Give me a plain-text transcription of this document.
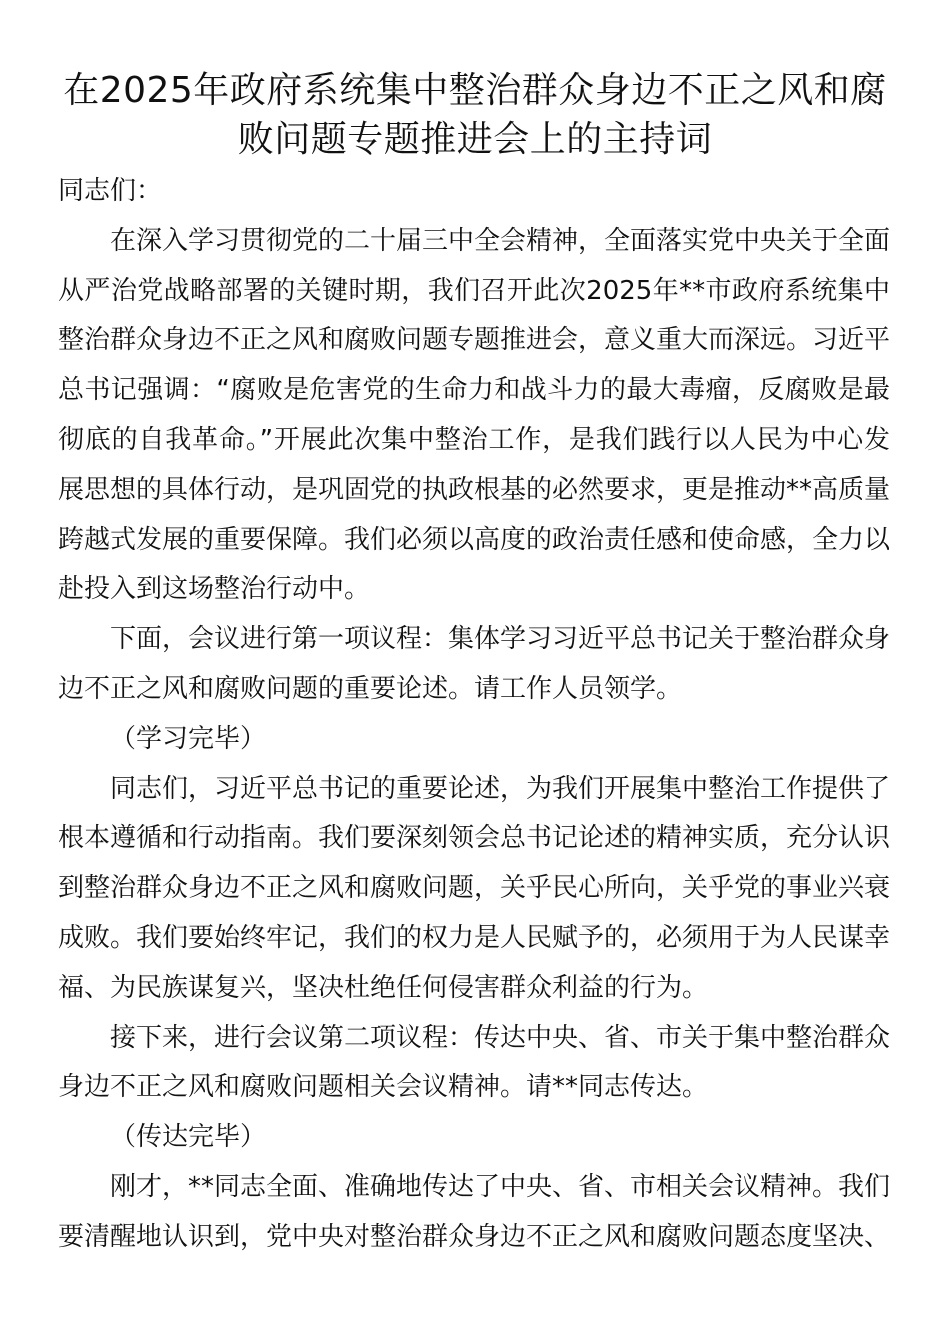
在2025年政府系统集中整治群众身边不正之风和腐败问题专题推进会上的主持词

同志们：

在深入学习贯彻党的二十届三中全会精神，全面落实党中央关于全面从严治党战略部署的关键时期，我们召开此次2025年**市政府系统集中整治群众身边不正之风和腐败问题专题推进会，意义重大而深远。习近平总书记强调：“腐败是危害党的生命力和战斗力的最大毒瘤，反腐败是最彻底的自我革命。”开展此次集中整治工作，是我们践行以人民为中心发展思想的具体行动，是巩固党的执政根基的必然要求，更是推动**高质量跨越式发展的重要保障。我们必须以高度的政治责任感和使命感，全力以赴投入到这场整治行动中。

下面，会议进行第一项议程：集体学习习近平总书记关于整治群众身边不正之风和腐败问题的重要论述。请工作人员领学。

（学习完毕）

同志们，习近平总书记的重要论述，为我们开展集中整治工作提供了根本遵循和行动指南。我们要深刻领会总书记论述的精神实质，充分认识到整治群众身边不正之风和腐败问题，关乎民心所向，关乎党的事业兴衰成败。我们要始终牢记，我们的权力是人民赋予的，必须用于为人民谋幸福、为民族谋复兴，坚决杜绝任何侵害群众利益的行为。

接下来，进行会议第二项议程：传达中央、省、市关于集中整治群众身边不正之风和腐败问题相关会议精神。请**同志传达。

（传达完毕）

刚才，**同志全面、准确地传达了中央、省、市相关会议精神。我们要清醒地认识到，党中央对整治群众身边不正之风和腐败问题态度坚决、
